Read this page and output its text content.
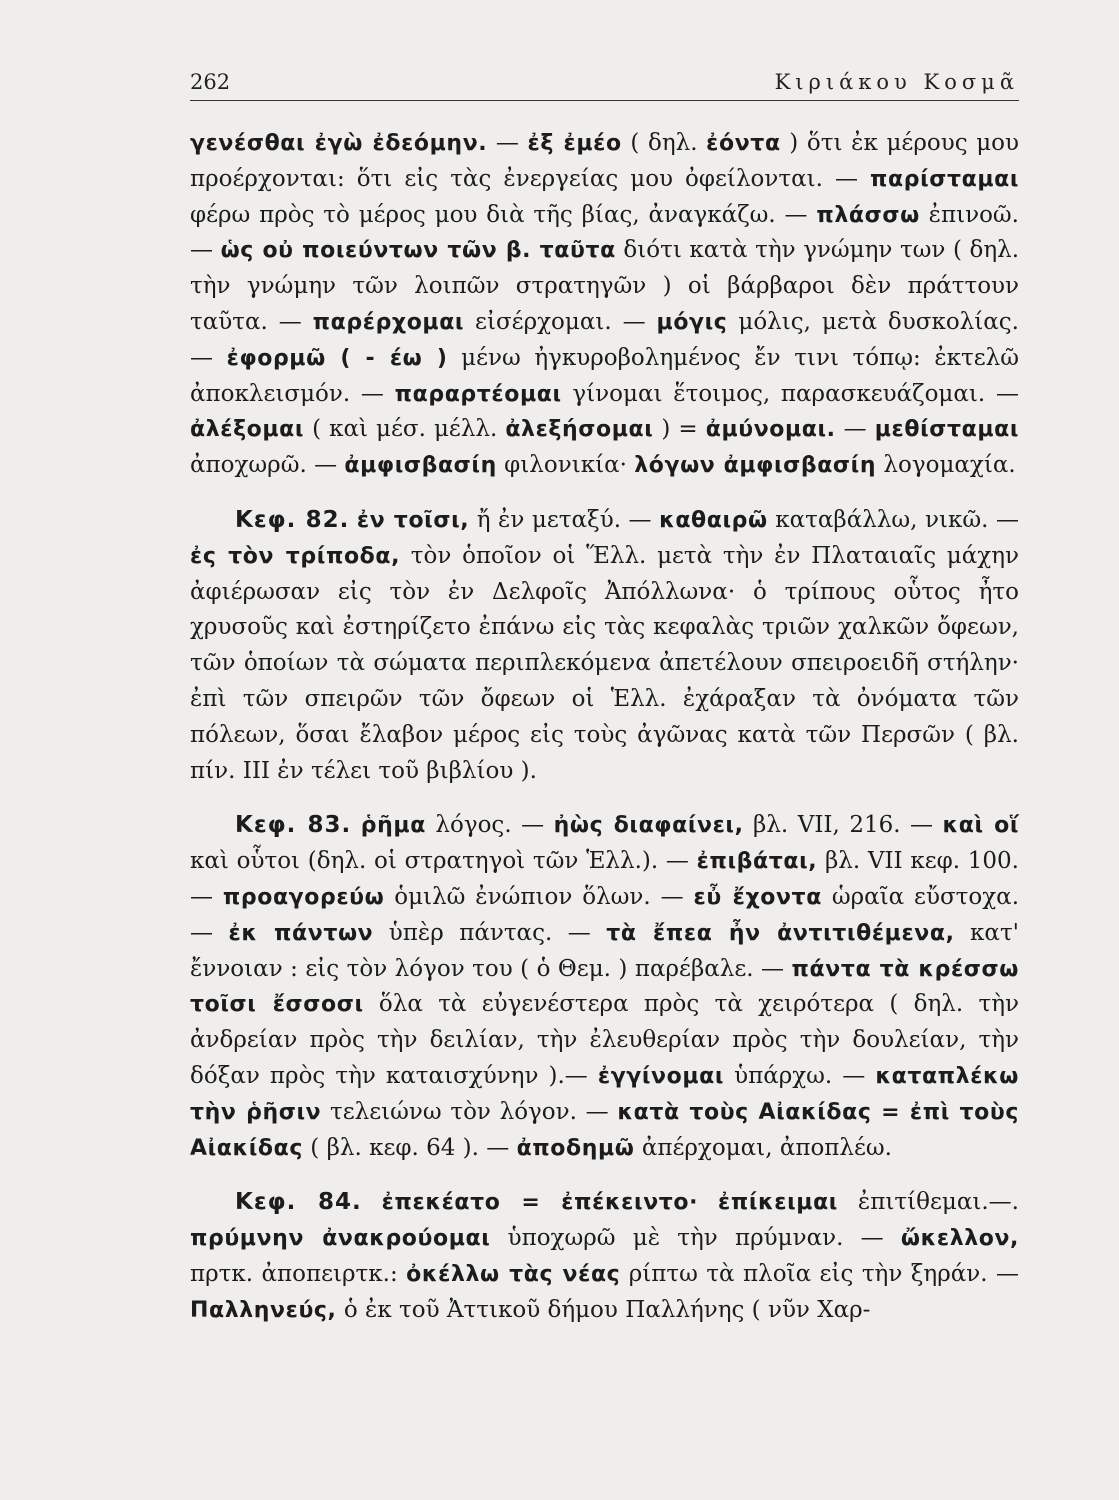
262	Κιριάκου Κοσμᾶ

γενέσθαι ἐγὼ ἐδεόμην. — ἐξ ἐμέο ( δηλ. ἐόντα ) ὅτι ἐκ μέρους μου προέρχονται: ὅτι εἰς τὰς ἐνεργείας μου ὀφείλονται. — παρίσταμαι φέρω πρὸς τὸ μέρος μου διὰ τῆς βίας, ἀναγκάζω. — πλάσσω ἐπινοῶ. — ὡς οὐ ποιεύντων τῶν β. ταῦτα διότι κατὰ τὴν γνώμην των ( δηλ. τὴν γνώμην τῶν λοιπῶν στρατηγῶν ) οἱ βάρβαροι δὲν πράττουν ταῦτα. — παρέρχομαι εἰσέρχομαι. — μόγις μόλις, μετὰ δυσκολίας. — ἐφορμῶ ( - έω ) μένω ἠγκυροβολημένος ἔν τινι τόπῳ: ἐκτελῶ ἀποκλεισμόν. — παραρτέομαι γίνομαι ἕτοιμος, παρασκευάζομαι. — ἀλέξομαι ( καὶ μέσ. μέλλ. ἀλεξήσομαι ) = ἀμύνομαι. — μεθίσταμαι ἀποχωρῶ. — ἀμφισβασίη φιλονικία· λόγων ἀμφισβασίη λογομαχία.

Κεφ. 82. ἐν τοῖσι, ἤ ἐν μεταξύ. — καθαιρῶ καταβάλλω, νικῶ. — ἐς τὸν τρίποδα, τὸν ὁποῖον οἱ Ἕλλ. μετὰ τὴν ἐν Πλαταιαῖς μάχην ἀφιέρωσαν εἰς τὸν ἐν Δελφοῖς Ἀπόλλωνα· ὁ τρίπους οὗτος ἦτο χρυσοῦς καὶ ἐστηρίζετο ἐπάνω εἰς τὰς κεφαλὰς τριῶν χαλκῶν ὄφεων, τῶν ὁποίων τὰ σώματα περιπλεκόμενα ἀπετέλουν σπειροειδῆ στήλην· ἐπὶ τῶν σπειρῶν τῶν ὄφεων οἱ Ἑλλ. ἐχάραξαν τὰ ὀνόματα τῶν πόλεων, ὅσαι ἔλαβον μέρος εἰς τοὺς ἀγῶνας κατὰ τῶν Περσῶν ( βλ. πίν. III ἐν τέλει τοῦ βιβλίου ).

Κεφ. 83. ῥῆμα λόγος. — ἠὼς διαφαίνει, βλ. VII, 216. — καὶ οἵ καὶ οὗτοι (δηλ. οἱ στρατηγοὶ τῶν Ἑλλ.). — ἐπιβάται, βλ. VII κεφ. 100. — προαγορεύω ὁμιλῶ ἐνώπιον ὅλων. — εὖ ἔχοντα ὡραῖα εὔστοχα. — ἐκ πάντων ὑπὲρ πάντας. — τὰ ἔπεα ἦν ἀντιτιθέμενα, κατ' ἔννοιαν : εἰς τὸν λόγον του ( ὁ Θεμ. ) παρέβαλε. — πάντα τὰ κρέσσω τοῖσι ἔσσοσι ὅλα τὰ εὐγενέστερα πρὸς τὰ χειρότερα ( δηλ. τὴν ἀνδρείαν πρὸς τὴν δειλίαν, τὴν ἐλευθερίαν πρὸς τὴν δουλείαν, τὴν δόξαν πρὸς τὴν καταισχύνην ).— ἐγγίνομαι ὑπάρχω. — καταπλέκω τὴν ῥῆσιν τελειώνω τὸν λόγον. — κατὰ τοὺς Αἰακίδας = ἐπὶ τοὺς Αἰακίδας ( βλ. κεφ. 64 ). — ἀποδημῶ ἀπέρχομαι, ἀποπλέω.

Κεφ. 84. ἐπεκέατο = ἐπέκειντο· ἐπίκειμαι ἐπιτίθεμαι.—. πρύμνην ἀνακρούομαι ὑποχωρῶ μὲ τὴν πρύμναν. — ὤκελλον, πρτκ. ἀποπειρτκ.: ὀκέλλω τὰς νέας ρίπτω τὰ πλοῖα εἰς τὴν ξηράν. — Παλληνεύς, ὁ ἐκ τοῦ Ἀττικοῦ δήμου Παλλήνης ( νῦν Χαρ-
